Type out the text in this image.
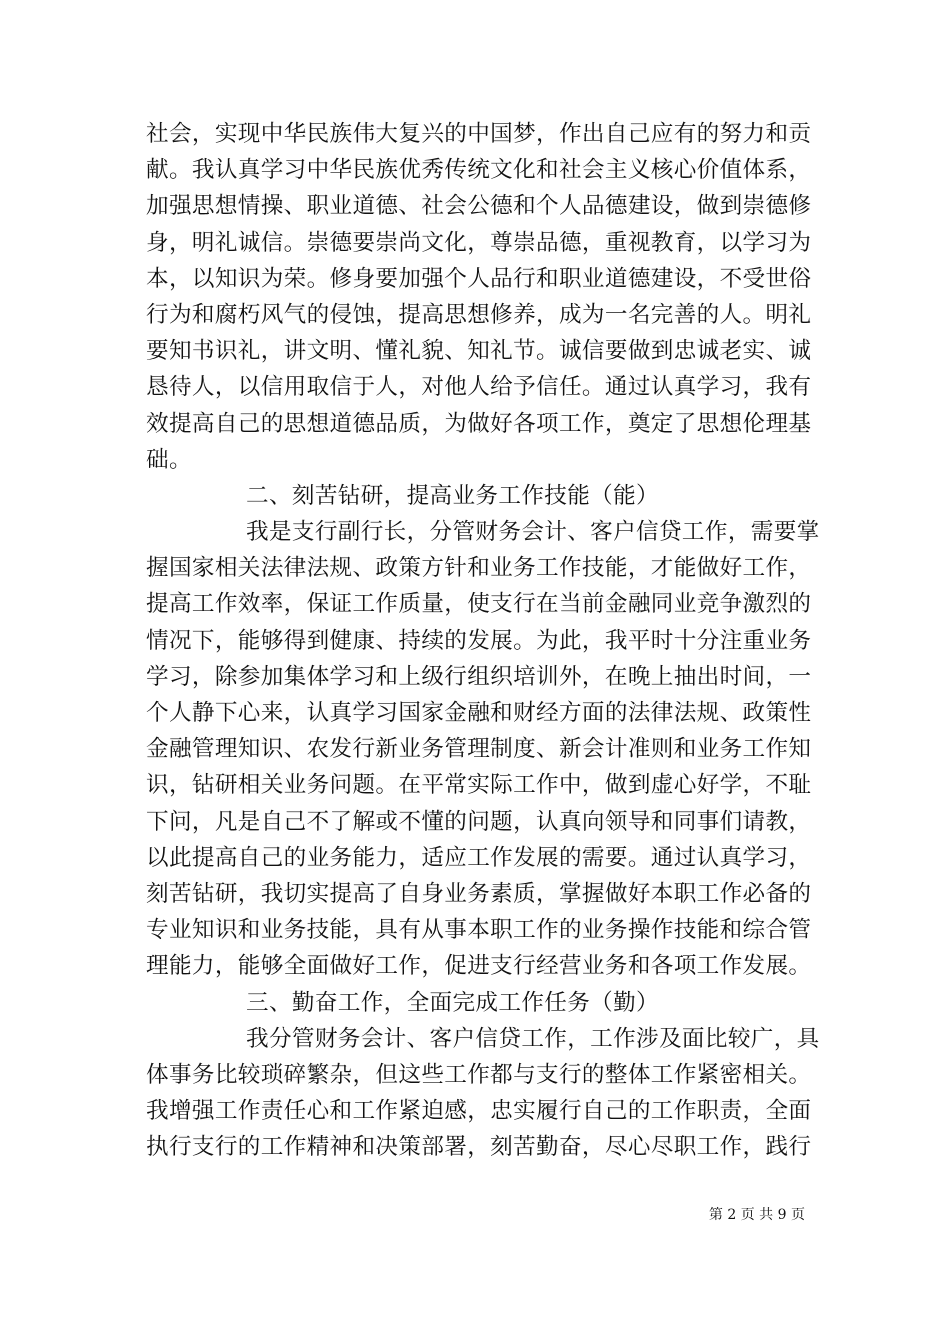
社会，实现中华民族伟大复兴的中国梦，作出自己应有的努力和贡
献。我认真学习中华民族优秀传统文化和社会主义核心价值体系，
加强思想情操、职业道德、社会公德和个人品德建设，做到崇德修
身，明礼诚信。崇德要崇尚文化，尊崇品德，重视教育，以学习为
本，以知识为荣。修身要加强个人品行和职业道德建设，不受世俗
行为和腐朽风气的侵蚀，提高思想修养，成为一名完善的人。明礼
要知书识礼，讲文明、懂礼貌、知礼节。诚信要做到忠诚老实、诚
恳待人，以信用取信于人，对他人给予信任。通过认真学习，我有
效提高自己的思想道德品质，为做好各项工作，奠定了思想伦理基
础。
二、刻苦钻研，提高业务工作技能（能）
我是支行副行长，分管财务会计、客户信贷工作，需要掌
握国家相关法律法规、政策方针和业务工作技能，才能做好工作，
提高工作效率，保证工作质量，使支行在当前金融同业竞争激烈的
情况下，能够得到健康、持续的发展。为此，我平时十分注重业务
学习，除参加集体学习和上级行组织培训外，在晚上抽出时间，一
个人静下心来，认真学习国家金融和财经方面的法律法规、政策性
金融管理知识、农发行新业务管理制度、新会计准则和业务工作知
识，钻研相关业务问题。在平常实际工作中，做到虚心好学，不耻
下问，凡是自己不了解或不懂的问题，认真向领导和同事们请教，
以此提高自己的业务能力，适应工作发展的需要。通过认真学习，
刻苦钻研，我切实提高了自身业务素质，掌握做好本职工作必备的
专业知识和业务技能，具有从事本职工作的业务操作技能和综合管
理能力，能够全面做好工作，促进支行经营业务和各项工作发展。
三、勤奋工作，全面完成工作任务（勤）
我分管财务会计、客户信贷工作，工作涉及面比较广，具
体事务比较琐碎繁杂，但这些工作都与支行的整体工作紧密相关。
我增强工作责任心和工作紧迫感，忠实履行自己的工作职责，全面
执行支行的工作精神和决策部署，刻苦勤奋，尽心尽职工作，践行
第 2 页 共 9 页
